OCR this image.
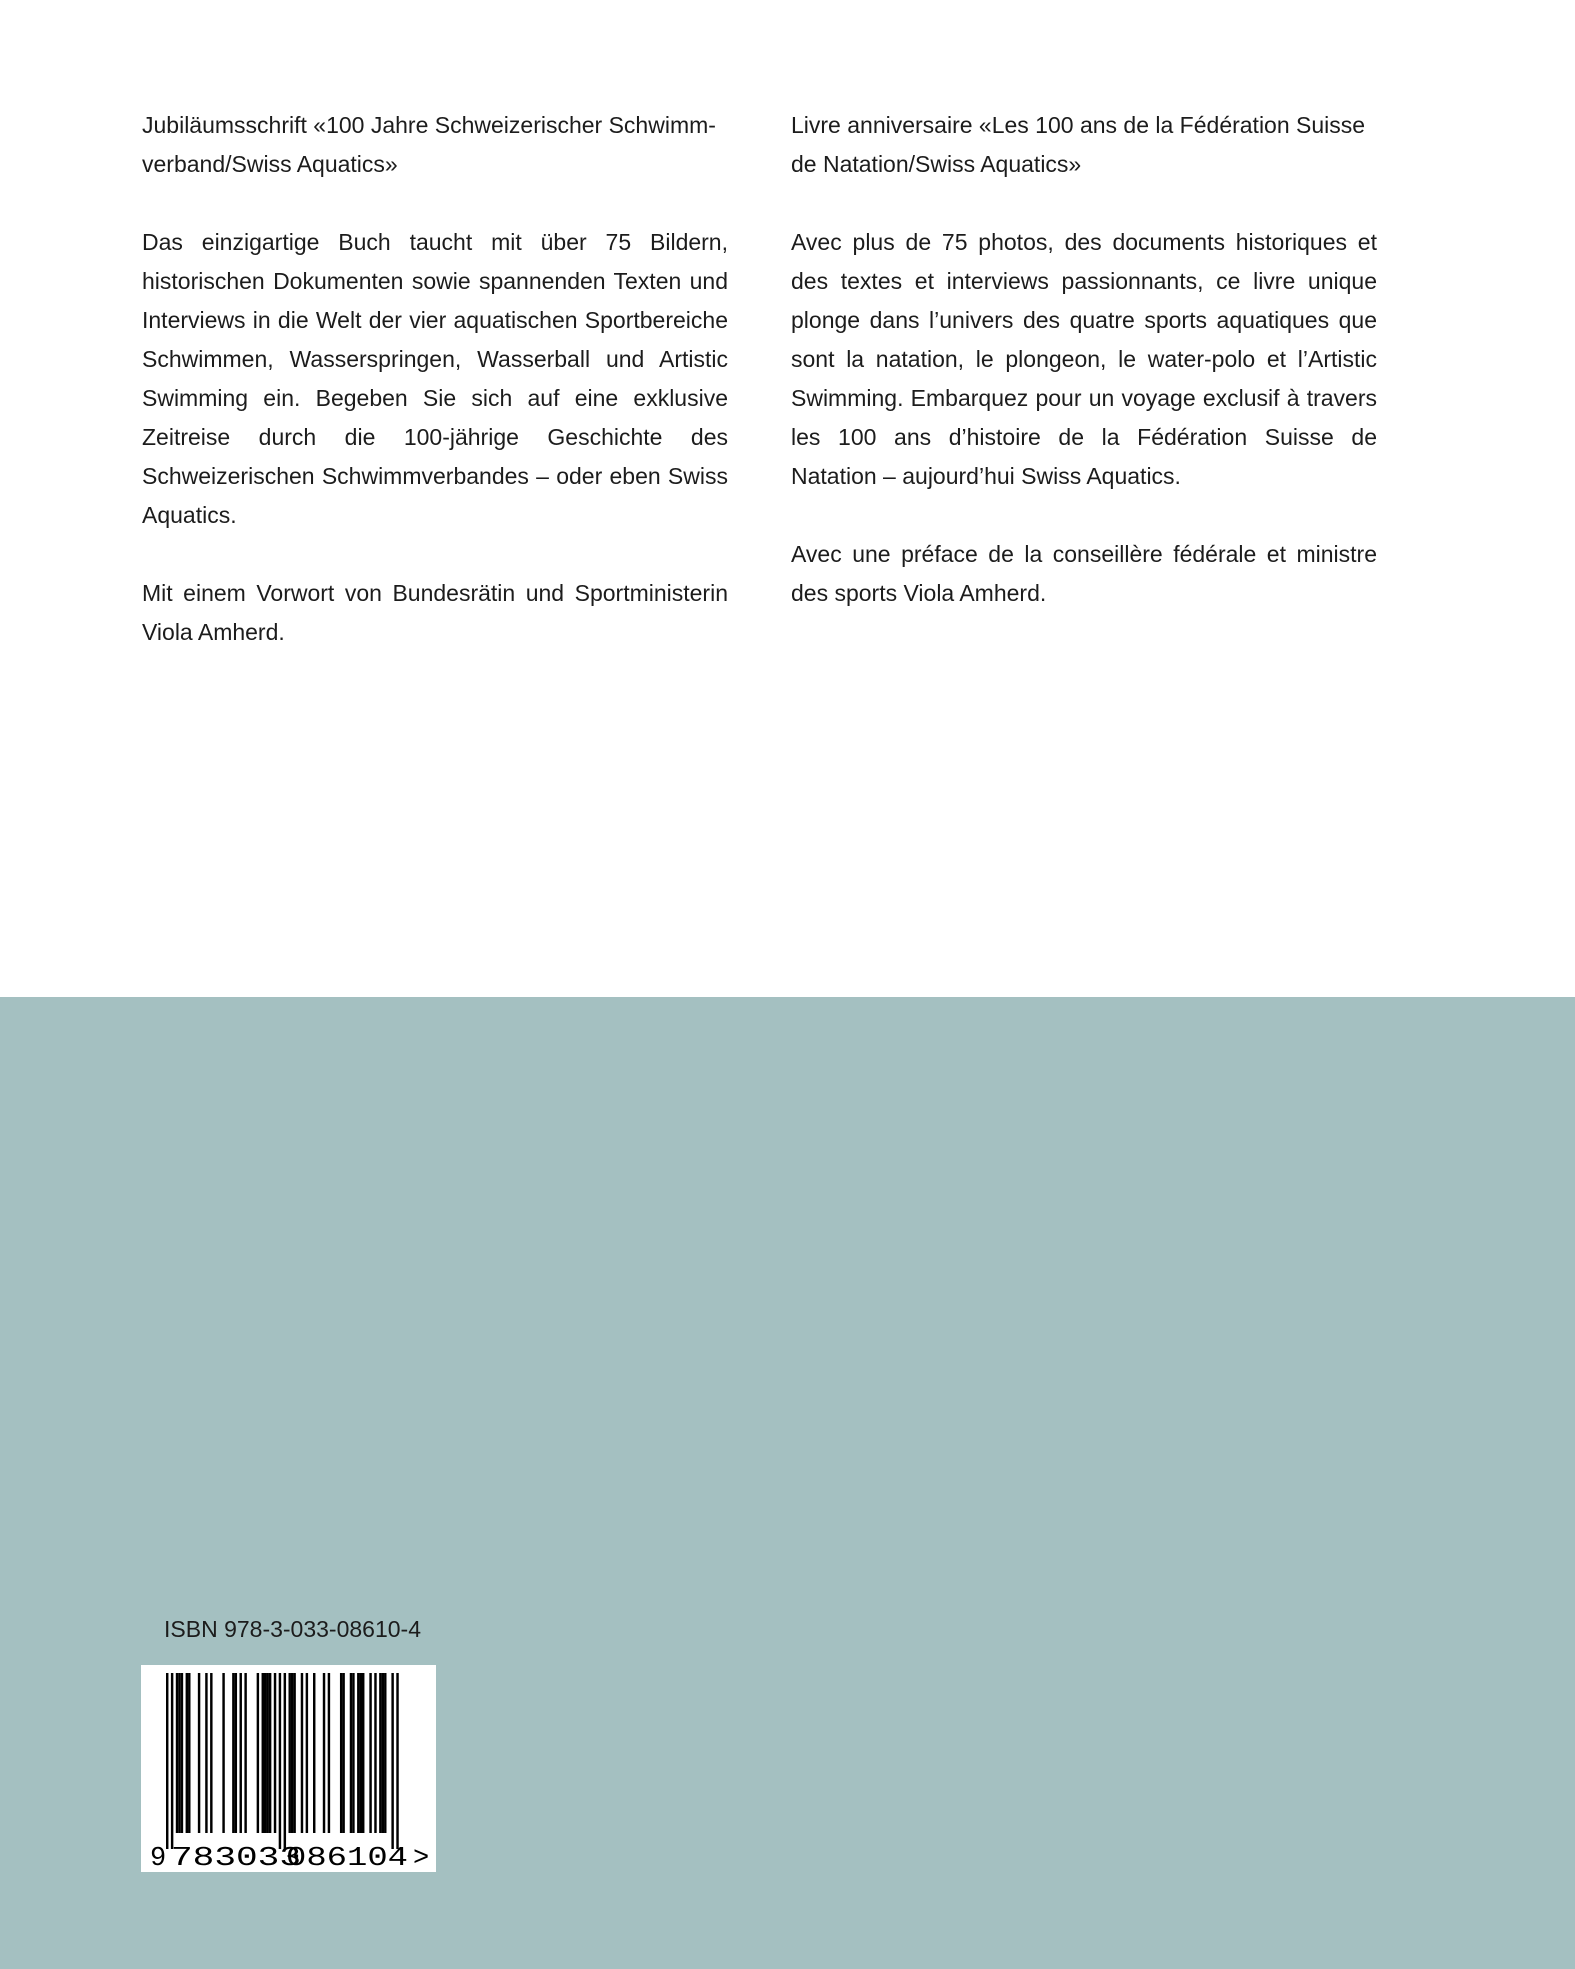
Jubiläumsschrift «100 Jahre Schweizerischer Schwimmverband/Swiss Aquatics»

Das einzigartige Buch taucht mit über 75 Bildern, historischen Dokumenten sowie spannenden Texten und Interviews in die Welt der vier aquatischen Sportbereiche Schwimmen, Wasserspringen, Wasserball und Artistic Swimming ein. Begeben Sie sich auf eine exklusive Zeitreise durch die 100-jährige Geschichte des Schweizerischen Schwimmverbandes – oder eben Swiss Aquatics.

Mit einem Vorwort von Bundesrätin und Sportministerin Viola Amherd.

Livre anniversaire «Les 100 ans de la Fédération Suisse de Natation/Swiss Aquatics»

Avec plus de 75 photos, des documents historiques et des textes et interviews passionnants, ce livre unique plonge dans l’univers des quatre sports aquatiques que sont la natation, le plongeon, le water-polo et l’Artistic Swimming. Embarquez pour un voyage exclusif à travers les 100 ans d’histoire de la Fédération Suisse de Natation – aujourd’hui Swiss Aquatics.

Avec une préface de la conseillère fédérale et ministre des sports Viola Amherd.

ISBN 978-3-033-08610-4
9 783033
086104 >
